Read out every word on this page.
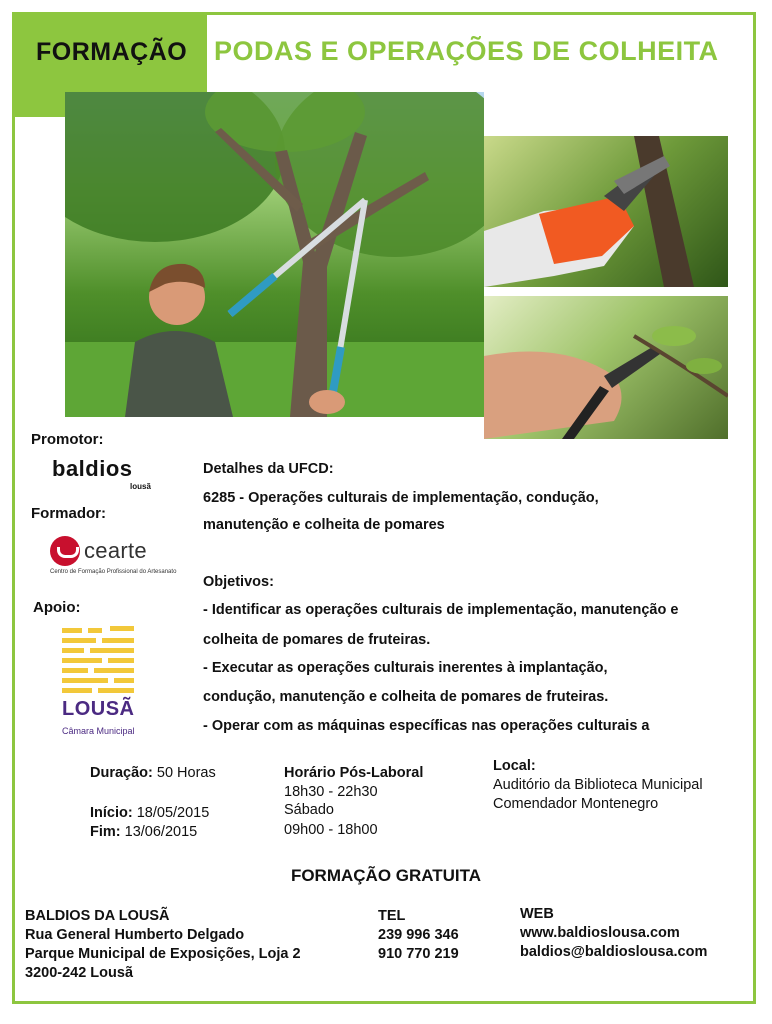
FORMAÇÃO PODAS E OPERAÇÕES DE COLHEITA
Promotor:
baldios
lousã
Formador:
cearte
Centro de Formação Profissional do Artesanato
Apoio:
LOUSÃ
Câmara Municipal
Detalhes da UFCD:
6285 - Operações culturais de implementação, condução,
manutenção e colheita de pomares
Objetivos:
- Identificar as operações culturais de implementação, manutenção e
colheita de pomares de fruteiras.
- Executar as operações culturais inerentes à implantação,
condução, manutenção e colheita de pomares de fruteiras.
- Operar com as máquinas específicas nas operações culturais a
Duração: 50 Horas
Início: 18/05/2015
Fim: 13/06/2015
Horário Pós-Laboral
18h30 - 22h30
Sábado
09h00 - 18h00
Local:
Auditório da Biblioteca Municipal
Comendador Montenegro
FORMAÇÃO GRATUITA
BALDIOS DA LOUSÃ
Rua General Humberto Delgado
Parque Municipal de Exposições, Loja 2
3200-242 Lousã
TEL
239 996 346
910 770 219
WEB
www.baldioslousa.com
baldios@baldioslousa.com
